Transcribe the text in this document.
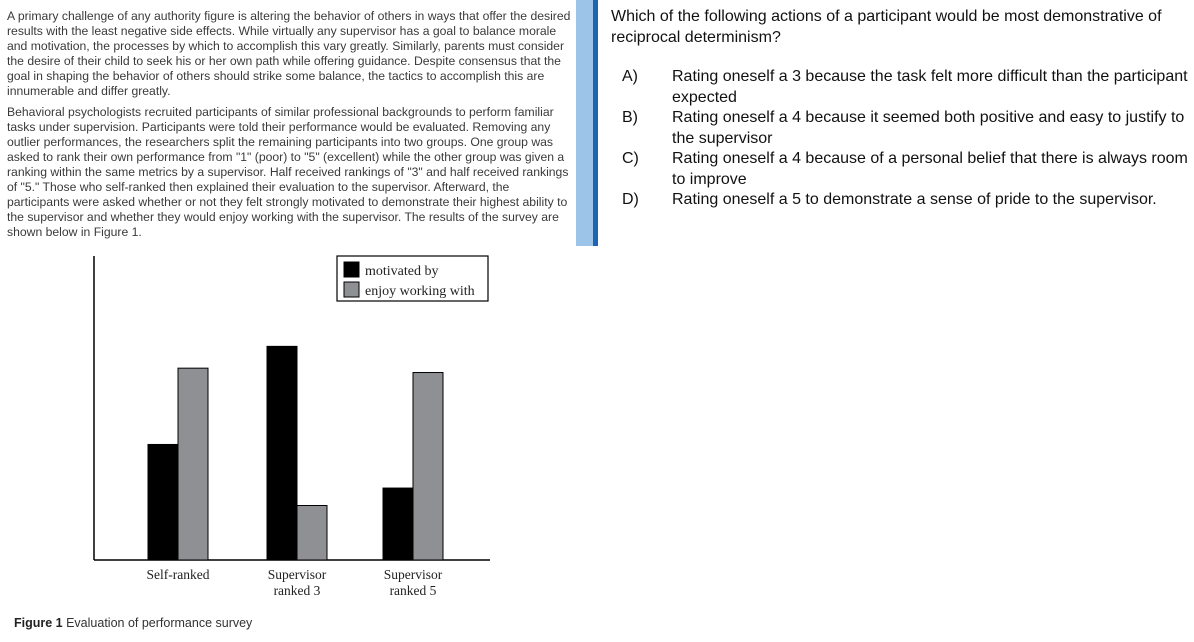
A primary challenge of any authority figure is altering the behavior of others in ways that offer the desired results with the least negative side effects. While virtually any supervisor has a goal to balance morale and motivation, the processes by which to accomplish this vary greatly. Similarly, parents must consider the desire of their child to seek his or her own path while offering guidance. Despite consensus that the goal in shaping the behavior of others should strike some balance, the tactics to accomplish this are innumerable and differ greatly.

Behavioral psychologists recruited participants of similar professional backgrounds to perform familiar tasks under supervision. Participants were told their performance would be evaluated. Removing any outlier performances, the researchers split the remaining participants into two groups. One group was asked to rank their own performance from "1" (poor) to "5" (excellent) while the other group was given a ranking within the same metrics by a supervisor. Half received rankings of "3" and half received rankings of "5." Those who self-ranked then explained their evaluation to the supervisor. Afterward, the participants were asked whether or not they felt strongly motivated to demonstrate their highest ability to the supervisor and whether they would enjoy working with the supervisor. The results of the survey are shown below in Figure 1.

Self-ranked	Supervisor
ranked 3
Supervisor
ranked 5
motivated by
enjoy working with
Figure 1 Evaluation of performance survey
Which of the following actions of a participant would be most demonstrative of reciprocal determinism?
A)	Rating oneself a 3 because the task felt more difficult than the participant expected
B)	Rating oneself a 4 because it seemed both positive and easy to justify to the supervisor
C)	Rating oneself a 4 because of a personal belief that there is always room to improve
D)	Rating oneself a 5 to demonstrate a sense of pride to the supervisor.
